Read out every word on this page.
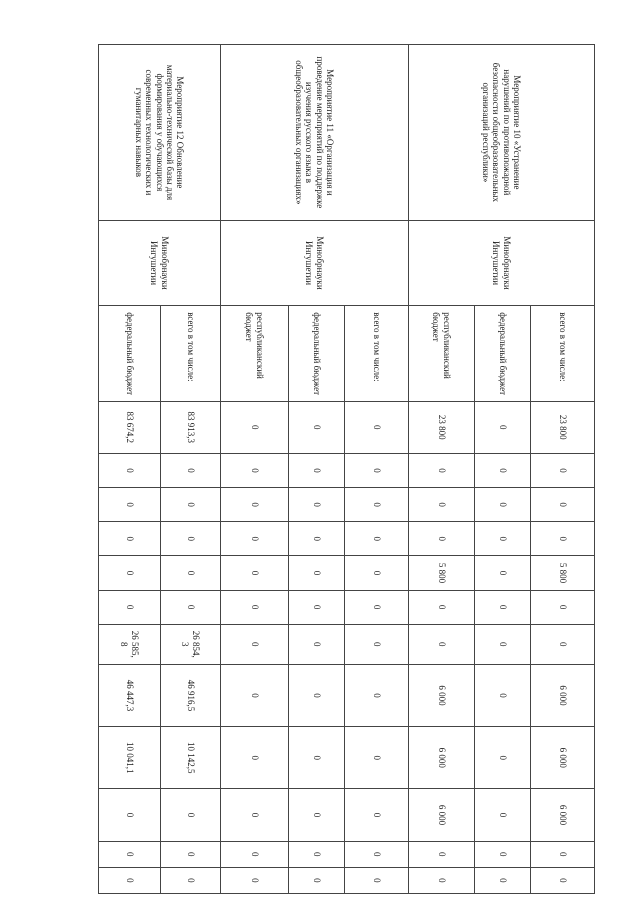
Мероприятие 10 «Устранение нарушений по противопожарной безопасности общеобразовательных организаций республики»	Минобрнауки Ингушетии	всего в том числе:	23 800	0	0	0	5 800	0	0	6 000	6 000	6 000	0	0
		федеральный бюджет	0	0	0	0	0	0	0	0	0	0	0	0
		республиканский бюджет	23 800	0	0	0	5 800	0	0	6 000	6 000	6 000	0	0
Мероприятие 11 «Организация и проведение мероприятий по поддержке изучения русского языка в общеобразовательных организациях»	Минобрнауки Ингушетии	всего в том числе:	0	0	0	0	0	0	0	0	0	0	0	0
		федеральный бюджет	0	0	0	0	0	0	0	0	0	0	0	0
		республиканский бюджет	0	0	0	0	0	0	0	0	0	0	0	0
Мероприятие 12 Обновление материально-технической базы для формирования у обучающихся современных технологических и гуманитарных навыков	Минобрнауки Ингушетии	всего в том числе:	83 913,3	0	0	0	0	0	26 854,3	46 916,5	10 142,5	0	0	0
		федеральный бюджет	83 674,2	0	0	0	0	0	26 585,8	46 447,3	10 041,1	0	0	0
